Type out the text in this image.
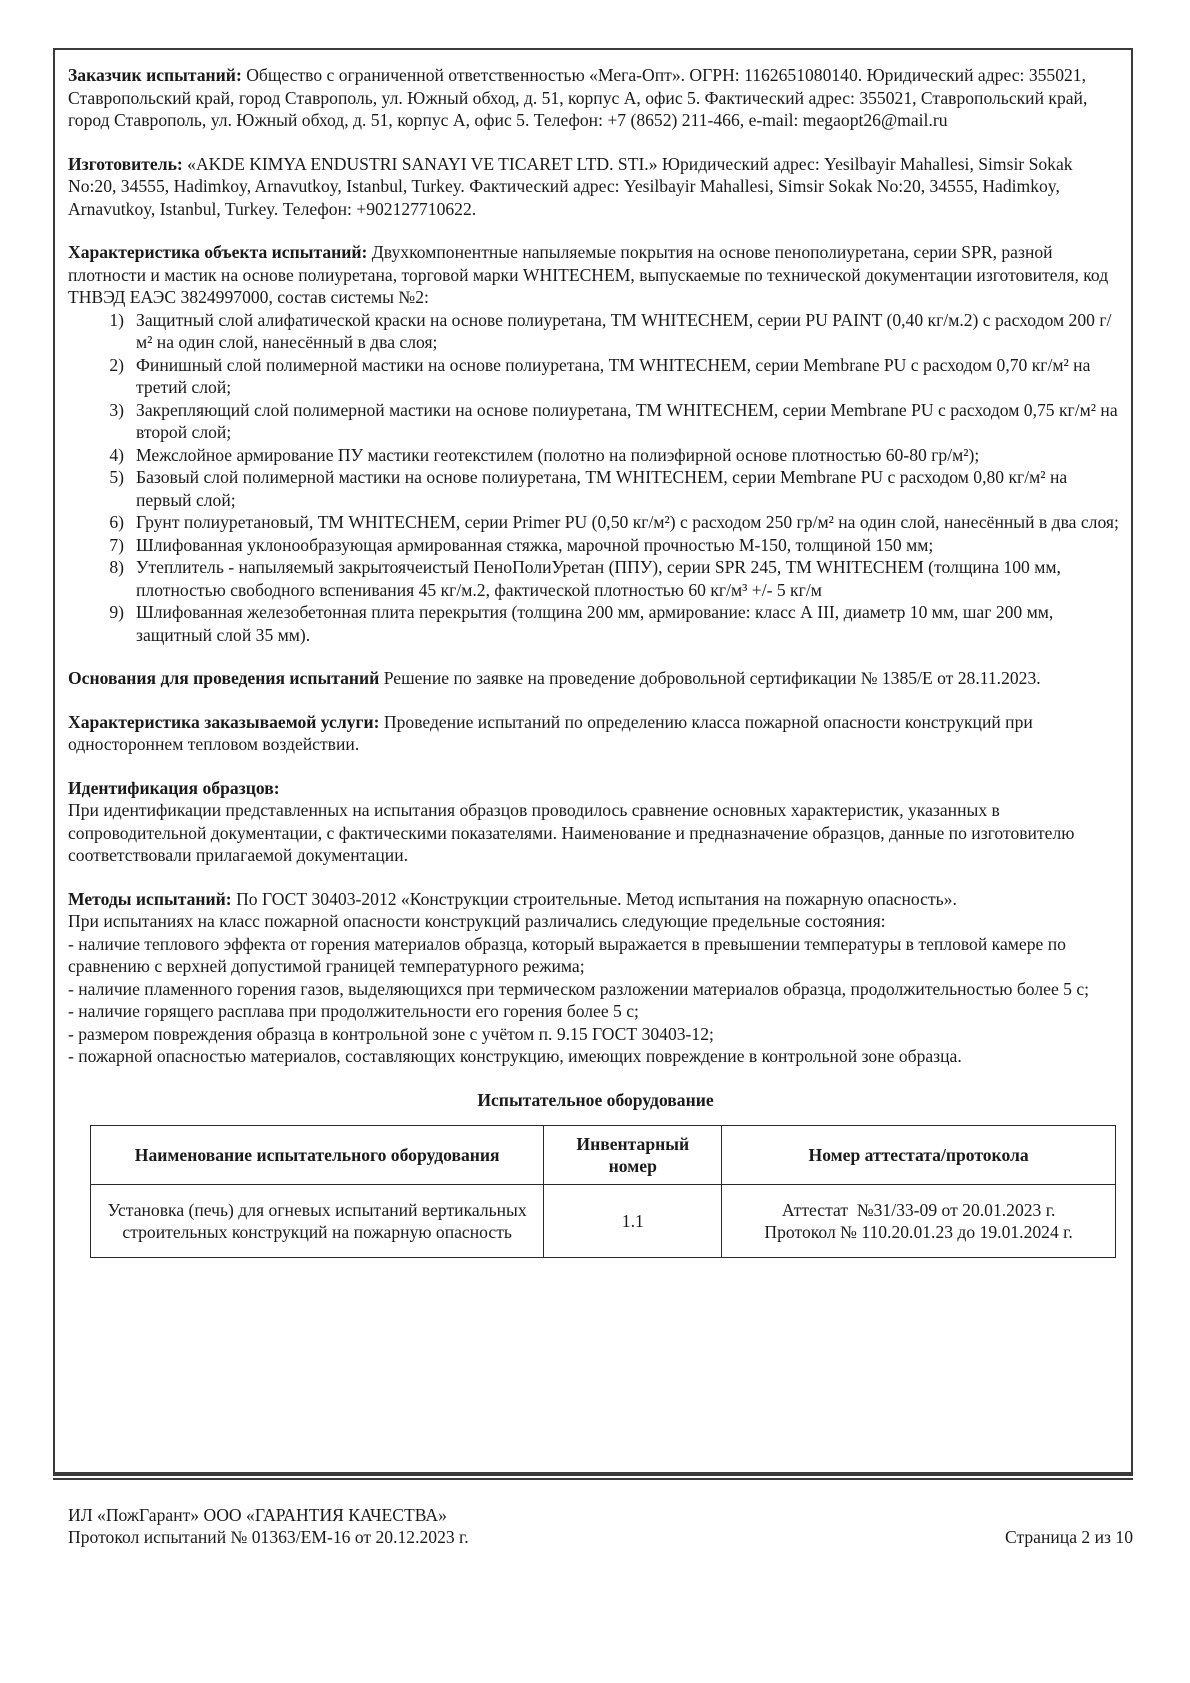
Заказчик испытаний: Общество с ограниченной ответственностью «Мега-Опт». ОГРН: 1162651080140. Юридический адрес: 355021, Ставропольский край, город Ставрополь, ул. Южный обход, д. 51, корпус А, офис 5. Фактический адрес: 355021, Ставропольский край, город Ставрополь, ул. Южный обход, д. 51, корпус А, офис 5. Телефон: +7 (8652) 211-466, e-mail: megaopt26@mail.ru

Изготовитель: «AKDE KIMYA ENDUSTRI SANAYI VE TICARET LTD. STI.» Юридический адрес: Yesilbayir Mahallesi, Simsir Sokak No:20, 34555, Hadimkoy, Arnavutkoy, Istanbul, Turkey. Фактический адрес: Yesilbayir Mahallesi, Simsir Sokak No:20, 34555, Hadimkoy, Arnavutkoy, Istanbul, Turkey. Телефон: +902127710622.

Характеристика объекта испытаний: Двухкомпонентные напыляемые покрытия на основе пенополиуретана, серии SPR, разной плотности и мастик на основе полиуретана, торговой марки WHITECHEM, выпускаемые по технической документации изготовителя, код ТНВЭД ЕАЭС 3824997000, состав системы №2:

1) Защитный слой алифатической краски на основе полиуретана, ТМ WHITECHEM, серии PU PAINT (0,40 кг/м.2) с расходом 200 г/м² на один слой, нанесённый в два слоя;
2) Финишный слой полимерной мастики на основе полиуретана, ТМ WHITECHEM, серии Membrane PU с расходом 0,70 кг/м² на третий слой;
3) Закрепляющий слой полимерной мастики на основе полиуретана, ТМ WHITECHEM, серии Membrane PU с расходом 0,75 кг/м² на второй слой;
4) Межслойное армирование ПУ мастики геотекстилем (полотно на полиэфирной основе плотностью 60-80 гр/м²);
5) Базовый слой полимерной мастики на основе полиуретана, ТМ WHITECHEM, серии Membrane PU с расходом 0,80 кг/м² на первый слой;
6) Грунт полиуретановый, ТМ WHITECHEM, серии Primer PU (0,50 кг/м²) с расходом 250 гр/м² на один слой, нанесённый в два слоя;
7) Шлифованная уклонообразующая армированная стяжка, марочной прочностью М-150, толщиной 150 мм;
8) Утеплитель - напыляемый закрытоячеистый ПеноПолиУретан (ППУ), серии SPR 245, ТМ WHITECHEM (толщина 100 мм, плотностью свободного вспенивания 45 кг/м.2, фактической плотностью 60 кг/м³ +/- 5 кг/м
9) Шлифованная железобетонная плита перекрытия (толщина 200 мм, армирование: класс А III, диаметр 10 мм, шаг 200 мм, защитный слой 35 мм).

Основания для проведения испытаний Решение по заявке на проведение добровольной сертификации № 1385/Е от 28.11.2023.

Характеристика заказываемой услуги: Проведение испытаний по определению класса пожарной опасности конструкций при одностороннем тепловом воздействии.

Идентификация образцов:
При идентификации представленных на испытания образцов проводилось сравнение основных характеристик, указанных в сопроводительной документации, с фактическими показателями. Наименование и предназначение образцов, данные по изготовителю соответствовали прилагаемой документации.
Методы испытаний: По ГОСТ 30403-2012 «Конструкции строительные. Метод испытания на пожарную опасность».
При испытаниях на класс пожарной опасности конструкций различались следующие предельные состояния:
- наличие теплового эффекта от горения материалов образца, который выражается в превышении температуры в тепловой камере по сравнению с верхней допустимой границей температурного режима;
- наличие пламенного горения газов, выделяющихся при термическом разложении материалов образца, продолжительностью более 5 с;
- наличие горящего расплава при продолжительности его горения более 5 с;
- размером повреждения образца в контрольной зоне с учётом п. 9.15 ГОСТ 30403-12;
- пожарной опасностью материалов, составляющих конструкцию, имеющих повреждение в контрольной зоне образца.
Испытательное оборудование
Наименование испытательного оборудования	Инвентарный номер	Номер аттестата/протокола
Установка (печь) для огневых испытаний вертикальных строительных конструкций на пожарную опасность	1.1	Аттестат  №31/33-09 от 20.01.2023 г.
Протокол № 110.20.01.23 до 19.01.2024 г.
ИЛ «ПожГарант» ООО «ГАРАНТИЯ КАЧЕСТВА»
Протокол испытаний № 01363/ЕМ-16 от 20.12.2023 г.	Страница 2 из 10
